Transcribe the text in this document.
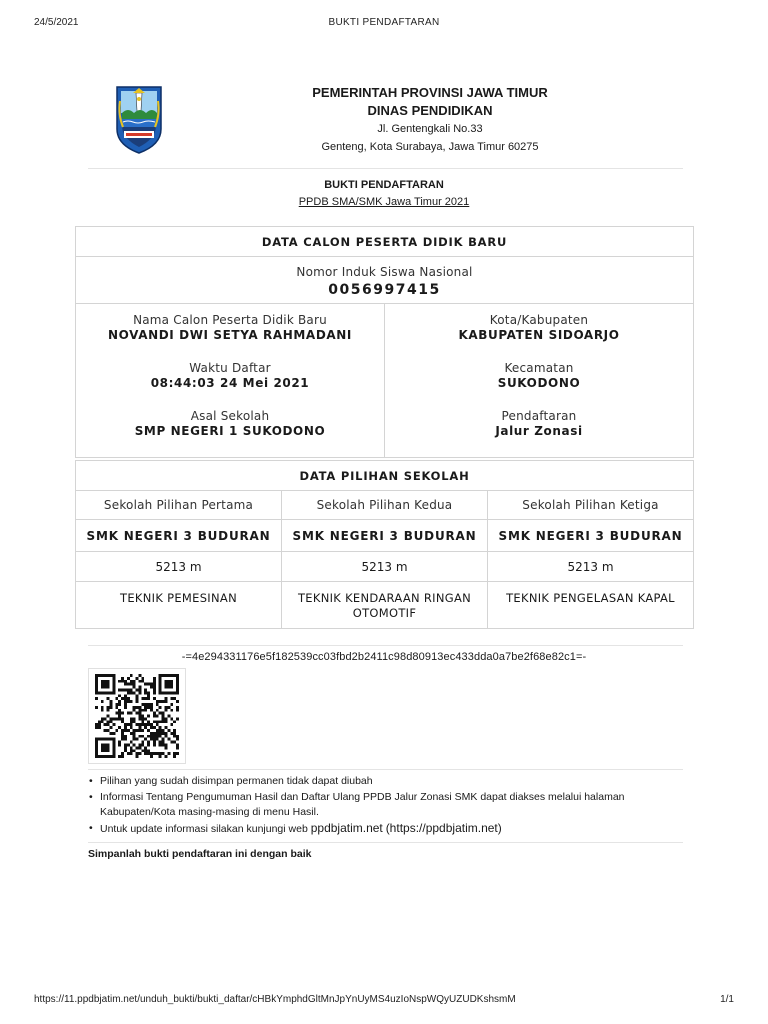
24/5/2021	BUKTI PENDAFTARAN
PEMERINTAH PROVINSI JAWA TIMUR
DINAS PENDIDIKAN
Jl. Gentengkali No.33
Genteng, Kota Surabaya, Jawa Timur 60275
BUKTI PENDAFTARAN
PPDB SMA/SMK Jawa Timur 2021
DATA CALON PESERTA DIDIK BARU

Nomor Induk Siswa Nasional
0056997415

Nama Calon Peserta Didik Baru
NOVANDI DWI SETYA RAHMADANI
Waktu Daftar
08:44:03 24 Mei 2021
Asal Sekolah
SMP NEGERI 1 SUKODONO

Kota/Kabupaten
KABUPATEN SIDOARJO
Kecamatan
SUKODONO
Pendaftaran
Jalur Zonasi
DATA PILIHAN SEKOLAH		
Sekolah Pilihan Pertama	Sekolah Pilihan Kedua	Sekolah Pilihan Ketiga
SMK NEGERI 3 BUDURAN	SMK NEGERI 3 BUDURAN	SMK NEGERI 3 BUDURAN
5213 m	5213 m	5213 m
TEKNIK PEMESINAN	TEKNIK KENDARAAN RINGAN OTOMOTIF	TEKNIK PENGELASAN KAPAL
-=4e294331176e5f182539cc03fbd2b2411c98d80913ec433dda0a7be2f68e82c1=-
• Pilihan yang sudah disimpan permanen tidak dapat diubah
• Informasi Tentang Pengumuman Hasil dan Daftar Ulang PPDB Jalur Zonasi SMK dapat diakses melalui halaman Kabupaten/Kota masing-masing di menu Hasil.
• Untuk update informasi silakan kunjungi web ppdbjatim.net (https://ppdbjatim.net)
Simpanlah bukti pendaftaran ini dengan baik
https://11.ppdbjatim.net/unduh_bukti/bukti_daftar/cHBkYmphdGltMnJpYnUyMS4uzIoNspWQyUZUDKshsmM	1/1
